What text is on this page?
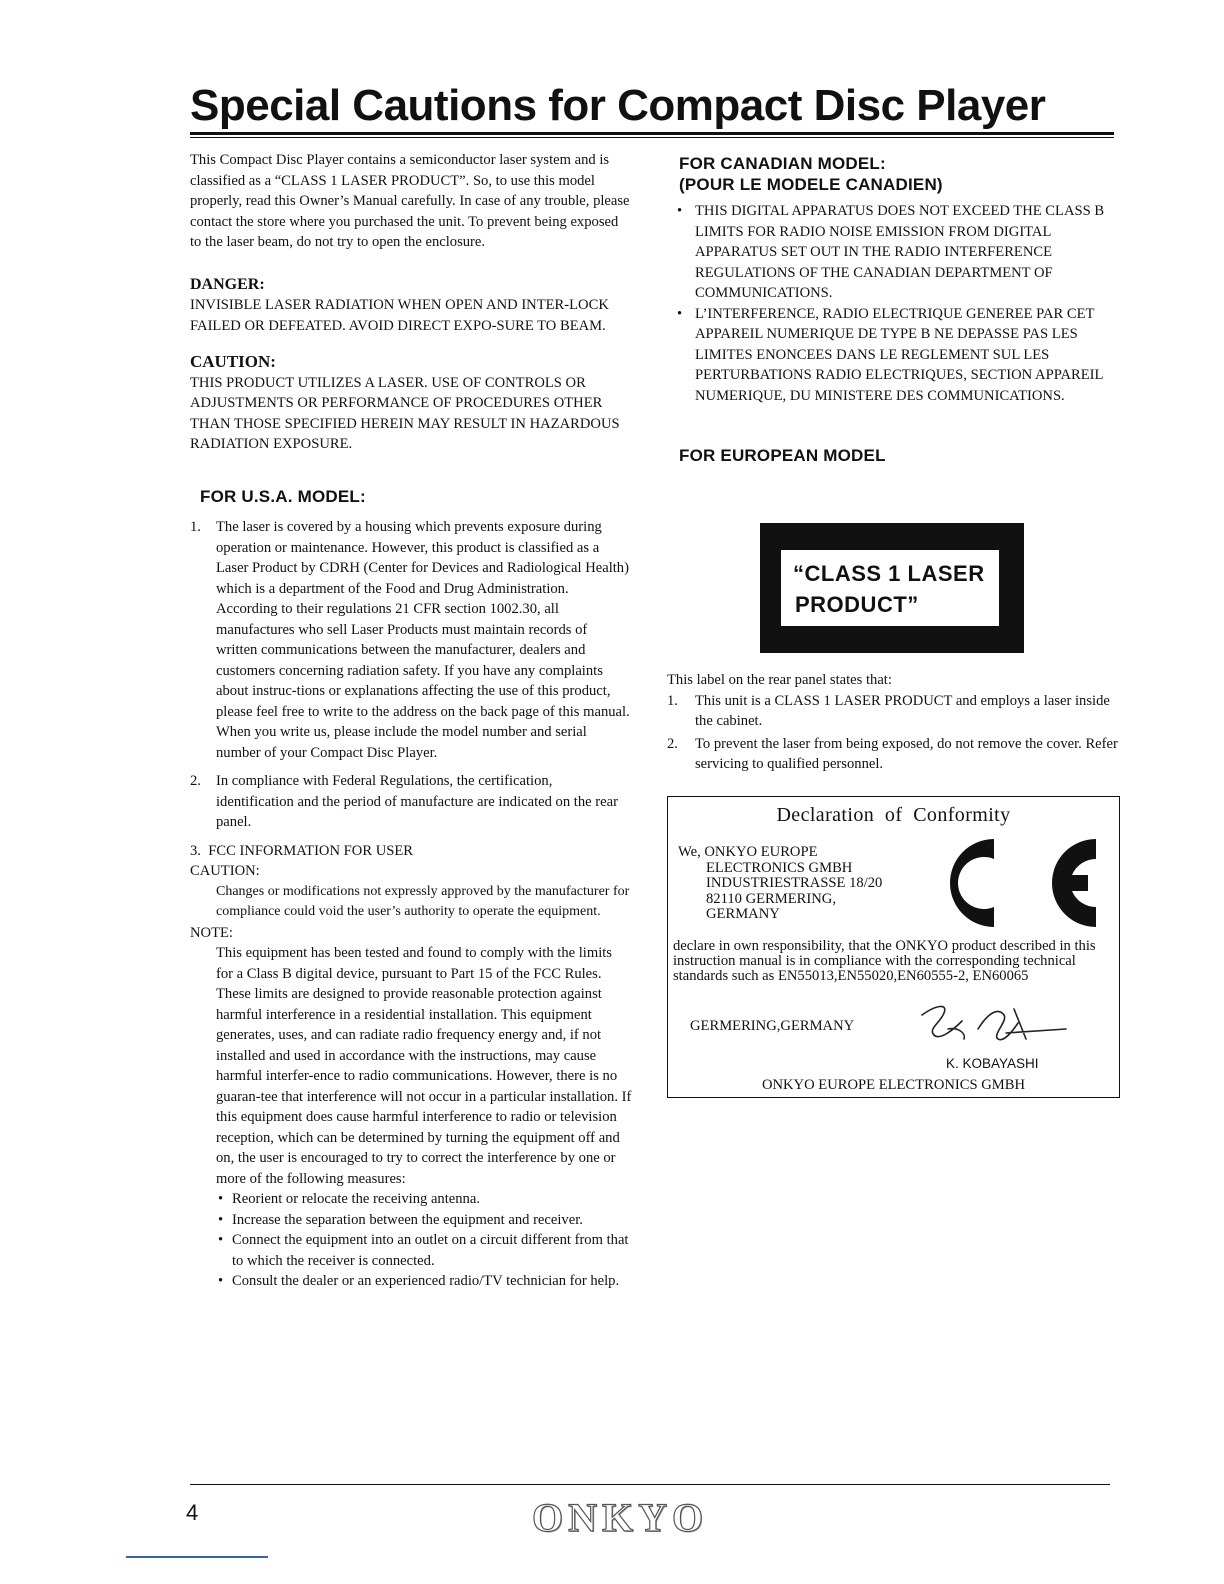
Special Cautions for Compact Disc Player

This Compact Disc Player contains a semiconductor laser system and is classified as a “CLASS 1 LASER PRODUCT”. So, to use this model properly, read this Owner’s Manual carefully. In case of any trouble, please contact the store where you purchased the unit. To prevent being exposed to the laser beam, do not try to open the enclosure.

DANGER:

INVISIBLE LASER RADIATION WHEN OPEN AND INTER-LOCK FAILED OR DEFEATED. AVOID DIRECT EXPO-SURE TO BEAM.

CAUTION:

THIS PRODUCT UTILIZES A LASER. USE OF CONTROLS OR ADJUSTMENTS OR PERFORMANCE OF PROCEDURES OTHER THAN THOSE SPECIFIED HEREIN MAY RESULT IN HAZARDOUS RADIATION EXPOSURE.

FOR U.S.A. MODEL:

1. The laser is covered by a housing which prevents exposure during operation or maintenance. However, this product is classified as a Laser Product by CDRH (Center for Devices and Radiological Health) which is a department of the Food and Drug Administration. According to their regulations 21 CFR section 1002.30, all manufactures who sell Laser Products must maintain records of written communications between the manufacturer, dealers and customers concerning radiation safety. If you have any complaints about instruc-tions or explanations affecting the use of this product, please feel free to write to the address on the back page of this manual. When you write us, please include the model number and serial number of your Compact Disc Player.
2. In compliance with Federal Regulations, the certification, identification and the period of manufacture are indicated on the rear panel.

3.  FCC INFORMATION FOR USER

CAUTION:

Changes or modifications not expressly approved by the manufacturer for compliance could void the user’s authority to operate the equipment.

NOTE:

This equipment has been tested and found to comply with the limits for a Class B digital device, pursuant to Part 15 of the FCC Rules. These limits are designed to provide reasonable protection against harmful interference in a residential installation. This equipment generates, uses, and can radiate radio frequency energy and, if not installed and used in accordance with the instructions, may cause harmful interfer-ence to radio communications. However, there is no guaran-tee that interference will not occur in a particular installation. If this equipment does cause harmful interference to radio or television reception, which can be determined by turning the equipment off and on, the user is encouraged to try to correct the interference by one or more of the following measures:

• Reorient or relocate the receiving antenna.
• Increase the separation between the equipment and receiver.
• Connect the equipment into an outlet on a circuit different from that to which the receiver is connected.
• Consult the dealer or an experienced radio/TV technician for help.

FOR CANADIAN MODEL:

(POUR LE MODELE CANADIEN)

• THIS DIGITAL APPARATUS DOES NOT EXCEED THE CLASS B LIMITS FOR RADIO NOISE EMISSION FROM DIGITAL APPARATUS SET OUT IN THE RADIO INTERFERENCE REGULATIONS OF THE CANADIAN DEPARTMENT OF COMMUNICATIONS.
• L’INTERFERENCE, RADIO ELECTRIQUE GENEREE PAR CET APPAREIL NUMERIQUE DE TYPE B NE DEPASSE PAS LES LIMITES ENONCEES DANS LE REGLEMENT SUL LES PERTURBATIONS RADIO ELECTRIQUES, SECTION APPAREIL NUMERIQUE, DU MINISTERE DES COMMUNICATIONS.

FOR EUROPEAN MODEL

“CLASS 1 LASER
PRODUCT”

This label on the rear panel states that:

1. This unit is a CLASS 1 LASER PRODUCT and employs a laser inside the cabinet.
2. To prevent the laser from being exposed, do not remove the cover. Refer servicing to qualified personnel.
Declaration  of  Conformity
We, ONKYO EUROPE
ELECTRONICS GMBH
INDUSTRIESTRASSE 18/20
82110 GERMERING,
GERMANY
declare in own responsibility, that the ONKYO product described in this instruction manual is in compliance with the corresponding technical standards such as EN55013,EN55020,EN60555-2, EN60065
GERMERING,GERMANY
K. KOBAYASHI
ONKYO EUROPE ELECTRONICS GMBH
4	ONKYO
